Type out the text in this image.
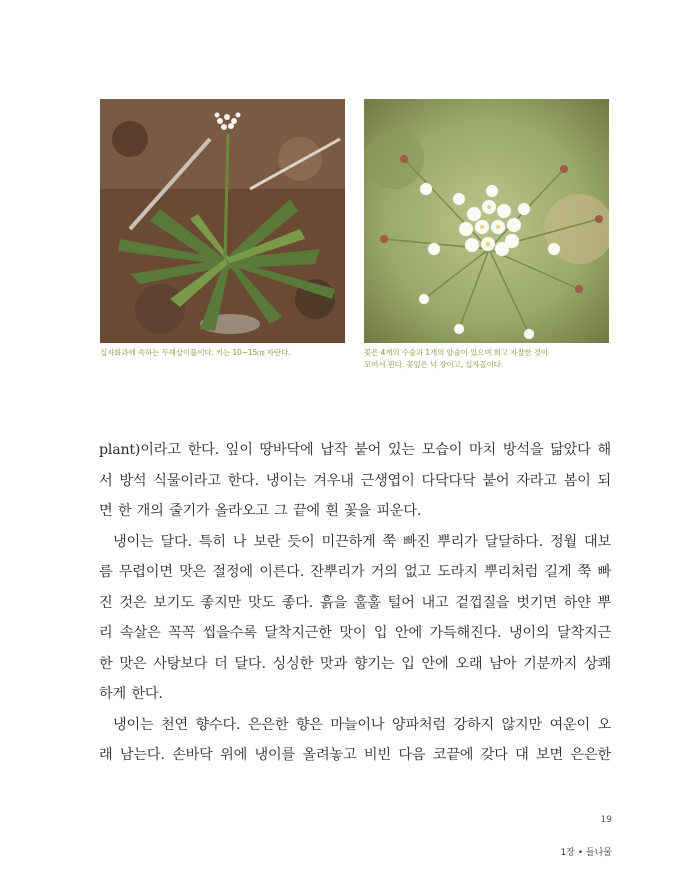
십자화과에 속하는 두해살이풀이다. 키는 10~15㎝ 자란다.	꽃은 4개의 수술과 1개의 암술이 있으며 희고 자잘한 것이
모여서 핀다. 꽃잎은 넉 장이고, 십자꼴이다.

plant)이라고 한다. 잎이 땅바닥에 납작 붙어 있는 모습이 마치 방석을 닮았다 해

서 방석 식물이라고 한다. 냉이는 겨우내 근생엽이 다닥다닥 붙어 자라고 봄이 되

면 한 개의 줄기가 올라오고 그 끝에 흰 꽃을 피운다.

냉이는 달다. 특히 나 보란 듯이 미끈하게 쭉 빠진 뿌리가 달달하다. 정월 대보

름 무렵이면 맛은 절정에 이른다. 잔뿌리가 거의 없고 도라지 뿌리처럼 길게 쭉 빠

진 것은 보기도 좋지만 맛도 좋다. 흙을 훌훌 털어 내고 겉껍질을 벗기면 하얀 뿌

리 속살은 꼭꼭 씹을수록 달착지근한 맛이 입 안에 가득해진다. 냉이의 달착지근

한 맛은 사탕보다 더 달다. 싱싱한 맛과 향기는 입 안에 오래 남아 기분까지 상쾌

하게 한다.

냉이는 천연 향수다. 은은한 향은 마늘이나 양파처럼 강하지 않지만 여운이 오

래 남는다. 손바닥 위에 냉이를 올려놓고 비빈 다음 코끝에 갖다 대 보면 은은한

19
1장 • 들나물
